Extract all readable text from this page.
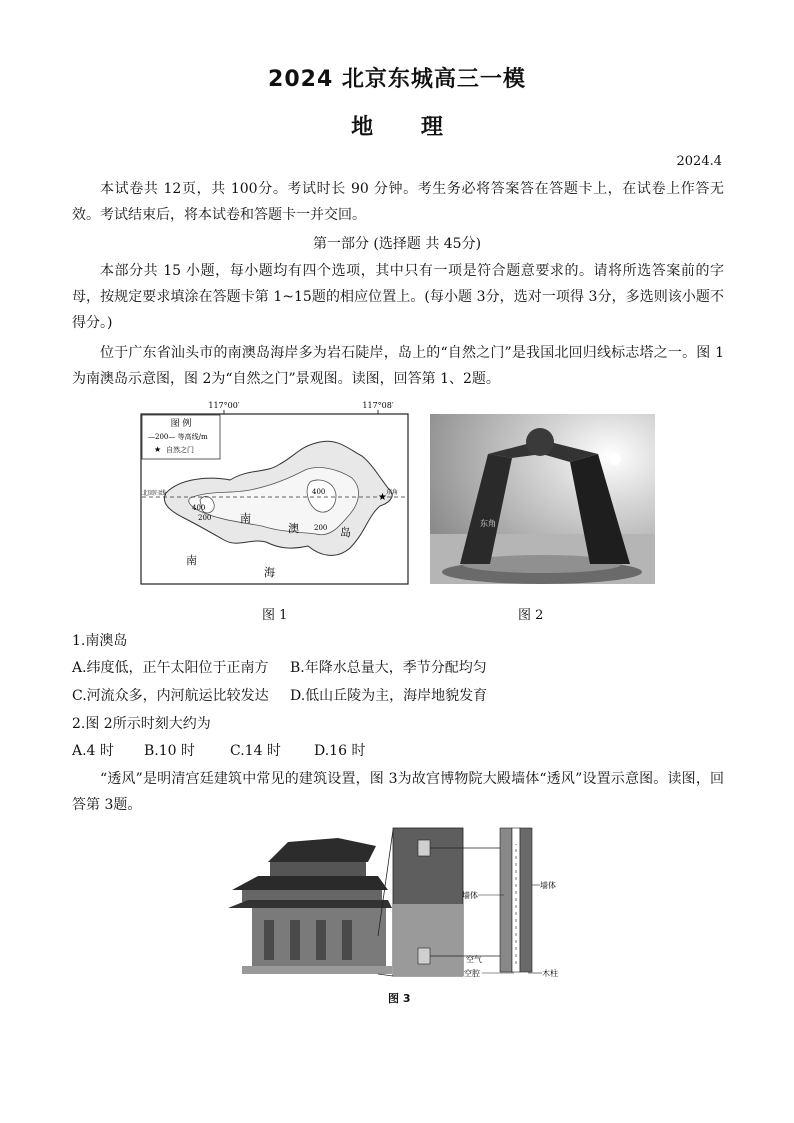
2024 北京东城高三一模
地 理
2024.4
本试卷共 12页，共 100分。考试时长 90 分钟。考生务必将答案答在答题卡上，在试卷上作答无效。考试结束后，将本试卷和答题卡一并交回。
第一部分 (选择题 共 45分)
本部分共 15 小题，每小题均有四个选项，其中只有一项是符合题意要求的。请将所选答案前的字母，按规定要求填涂在答题卡第 1~15题的相应位置上。(每小题 3分，选对一项得 3分，多选则该小题不得分。)
位于广东省汕头市的南澳岛海岸多为岩石陡岸，岛上的“自然之门”是我国北回归线标志塔之一。图 1为南澳岛示意图，图 2为“自然之门”景观图。读图，回答第 1、2题。
117°00′	117°08′
图 例
—200— 等高线/m
★ 自然之门
北回归线
200
400
400
200
★ 东角
南
澳	岛
南
海
图 1
东角
图 2
1.南澳岛
A.纬度低，正午太阳位于正南方 B.年降水总量大，季节分配均匀
C.河流众多，内河航运比较发达 D.低山丘陵为主，海岸地貌发育
2.图 2所示时刻大约为
A.4 时 B.10 时 C.14 时 D.16 时
“透风”是明清宫廷建筑中常见的建筑设置，图 3为故宫博物院大殿墙体“透风”设置示意图。读图，回答第 3题。
墙体
墙体
空气
空腔	木柱
图 3
